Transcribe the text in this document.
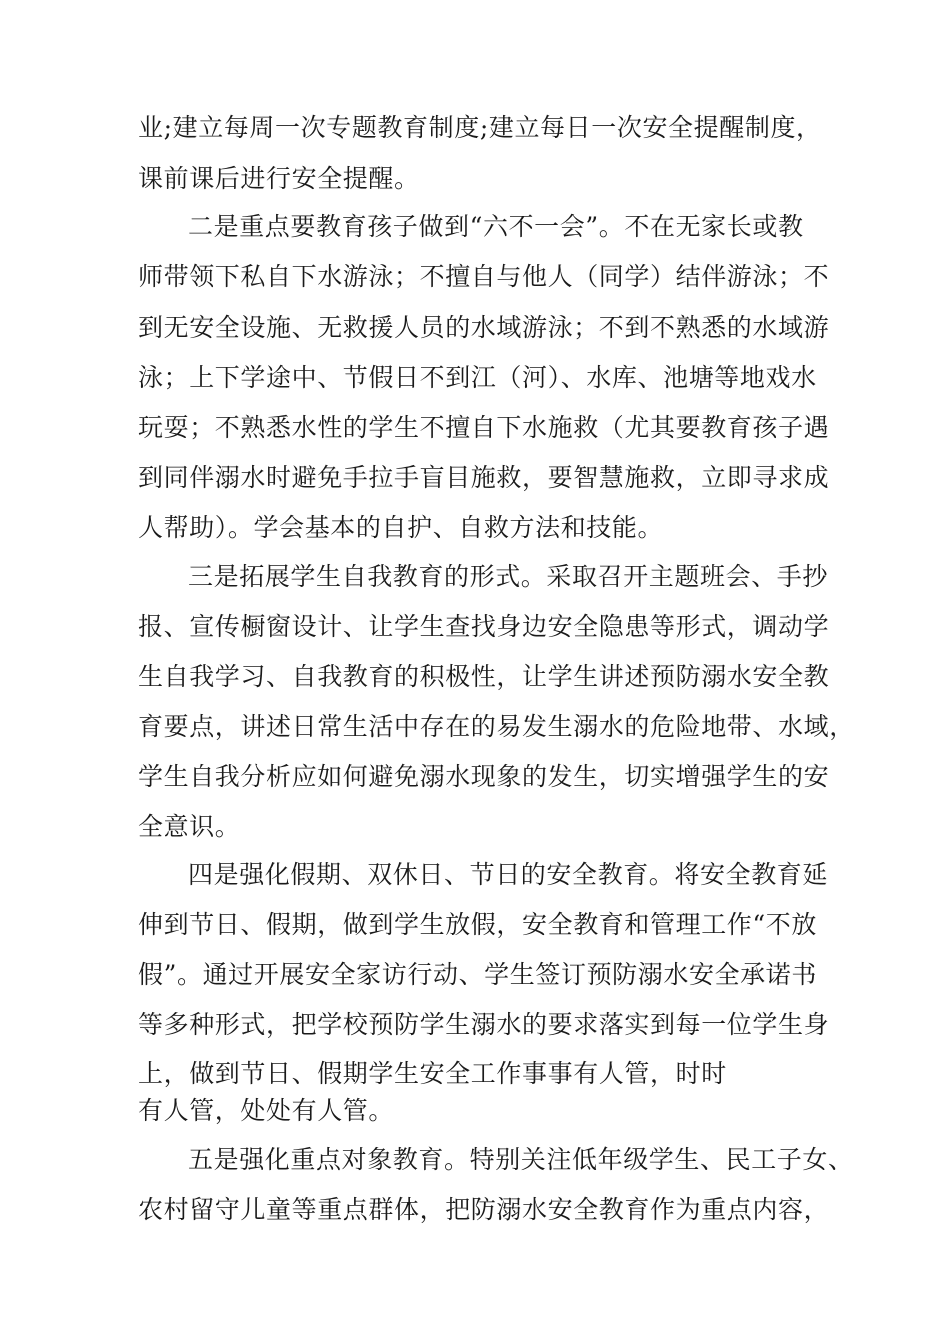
业;建立每周一次专题教育制度;建立每日一次安全提醒制度，
课前课后进行安全提醒。
二是重点要教育孩子做到“六不一会”。不在无家长或教
师带领下私自下水游泳；不擅自与他人（同学）结伴游泳；不
到无安全设施、无救援人员的水域游泳；不到不熟悉的水域游
泳；上下学途中、节假日不到江（河）、水库、池塘等地戏水
玩耍；不熟悉水性的学生不擅自下水施救（尤其要教育孩子遇
到同伴溺水时避免手拉手盲目施救，要智慧施救，立即寻求成
人帮助）。学会基本的自护、自救方法和技能。
三是拓展学生自我教育的形式。采取召开主题班会、手抄
报、宣传橱窗设计、让学生查找身边安全隐患等形式，调动学
生自我学习、自我教育的积极性，让学生讲述预防溺水安全教
育要点，讲述日常生活中存在的易发生溺水的危险地带、水域，
学生自我分析应如何避免溺水现象的发生，切实增强学生的安
全意识。
四是强化假期、双休日、节日的安全教育。将安全教育延
伸到节日、假期，做到学生放假，安全教育和管理工作“不放
假”。通过开展安全家访行动、学生签订预防溺水安全承诺书
等多种形式，把学校预防学生溺水的要求落实到每一位学生身
上，做到节日、假期学生安全工作事事有人管，时时
有人管，处处有人管。
五是强化重点对象教育。特别关注低年级学生、民工子女、
农村留守儿童等重点群体，把防溺水安全教育作为重点内容，
